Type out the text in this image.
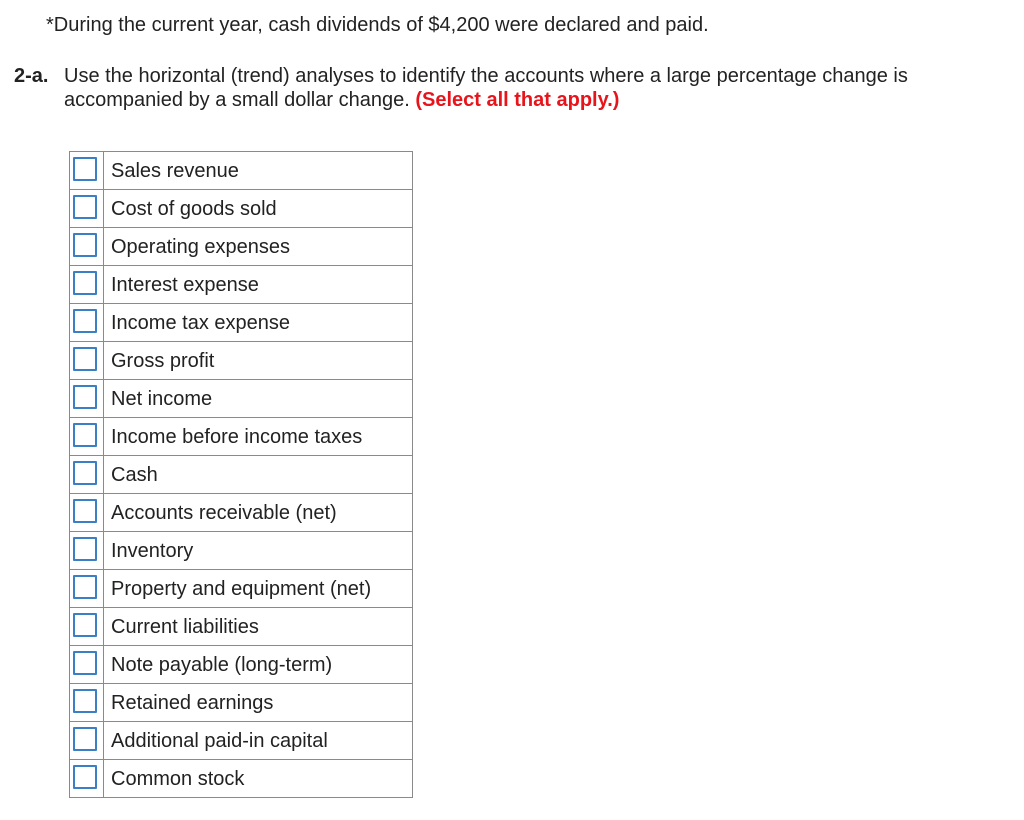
*During the current year, cash dividends of $4,200 were declared and paid.
2-a. Use the horizontal (trend) analyses to identify the accounts where a large percentage change is
accompanied by a small dollar change. (Select all that apply.)
Sales revenue
Cost of goods sold
Operating expenses
Interest expense
Income tax expense
Gross profit
Net income
Income before income taxes
Cash
Accounts receivable (net)
Inventory
Property and equipment (net)
Current liabilities
Note payable (long-term)
Retained earnings
Additional paid-in capital
Common stock
